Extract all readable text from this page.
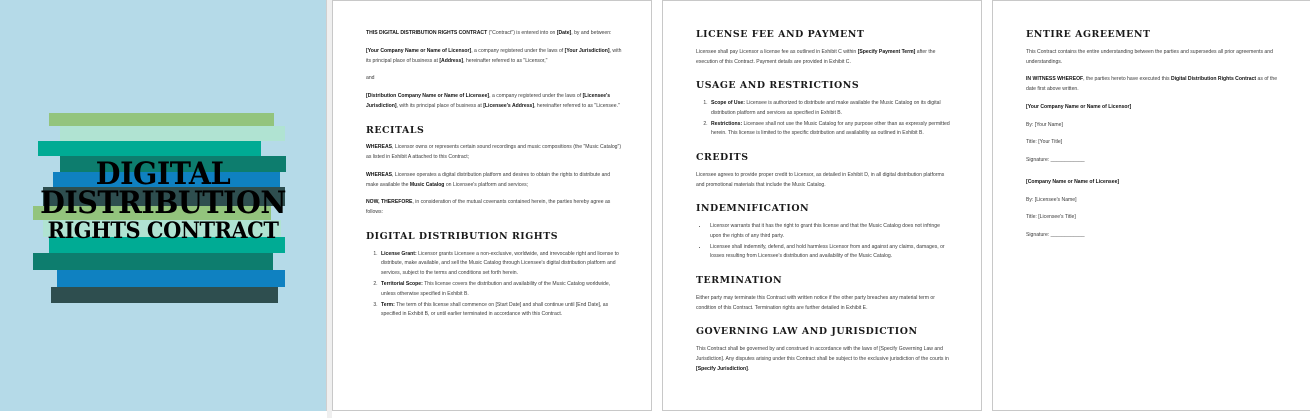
DIGITAL
DISTRIBUTION
RIGHTS CONTRACT

THIS DIGITAL DISTRIBUTION RIGHTS CONTRACT ("Contract") is entered into on [Date], by and between:

[Your Company Name or Name of Licensor], a company registered under the laws of [Your Jurisdiction], with its principal place of business at [Address], hereinafter referred to as "Licensor,"

and

[Distribution Company Name or Name of Licensee], a company registered under the laws of [Licensee's Jurisdiction], with its principal place of business at [Licensee's Address], hereinafter referred to as "Licensee."

RECITALS

WHEREAS, Licensor owns or represents certain sound recordings and music compositions (the "Music Catalog") as listed in Exhibit A attached to this Contract;

WHEREAS, Licensee operates a digital distribution platform and desires to obtain the rights to distribute and make available the Music Catalog on Licensee's platform and services;

NOW, THEREFORE, in consideration of the mutual covenants contained herein, the parties hereby agree as follows:

DIGITAL DISTRIBUTION RIGHTS
1. License Grant: Licensor grants Licensee a non-exclusive, worldwide, and irrevocable right and license to distribute, make available, and sell the Music Catalog through Licensee's digital distribution platform and services, subject to the terms and conditions set forth herein.
2. Territorial Scope: This license covers the distribution and availability of the Music Catalog worldwide, unless otherwise specified in Exhibit B.
3. Term: The term of this license shall commence on [Start Date] and shall continue until [End Date], as specified in Exhibit B, or until earlier terminated in accordance with this Contract.
LICENSE FEE AND PAYMENT

Licensee shall pay Licensor a license fee as outlined in Exhibit C within [Specify Payment Term] after the execution of this Contract. Payment details are provided in Exhibit C.

USAGE AND RESTRICTIONS
1. Scope of Use: Licensee is authorized to distribute and make available the Music Catalog on its digital distribution platform and services as specified in Exhibit B.
2. Restrictions: Licensee shall not use the Music Catalog for any purpose other than as expressly permitted herein. This license is limited to the specific distribution and availability as outlined in Exhibit B.
CREDITS

Licensee agrees to provide proper credit to Licensor, as detailed in Exhibit D, in all digital distribution platforms and promotional materials that include the Music Catalog.

INDEMNIFICATION
• Licensor warrants that it has the right to grant this license and that the Music Catalog does not infringe upon the rights of any third party.
• Licensee shall indemnify, defend, and hold harmless Licensor from and against any claims, damages, or losses resulting from Licensee's distribution and availability of the Music Catalog.
TERMINATION

Either party may terminate this Contract with written notice if the other party breaches any material term or condition of this Contract. Termination rights are further detailed in Exhibit E.

GOVERNING LAW AND JURISDICTION

This Contract shall be governed by and construed in accordance with the laws of [Specify Governing Law and Jurisdiction]. Any disputes arising under this Contract shall be subject to the exclusive jurisdiction of the courts in [Specify Jurisdiction].

ENTIRE AGREEMENT

This Contract contains the entire understanding between the parties and supersedes all prior agreements and understandings.

IN WITNESS WHEREOF, the parties hereto have executed this Digital Distribution Rights Contract as of the date first above written.

[Your Company Name or Name of Licensor]

By: [Your Name]

Title: [Your Title]

Signature: ____________

[Company Name or Name of Licensee]

By: [Licensee's Name]

Title: [Licensee's Title]

Signature: ____________
